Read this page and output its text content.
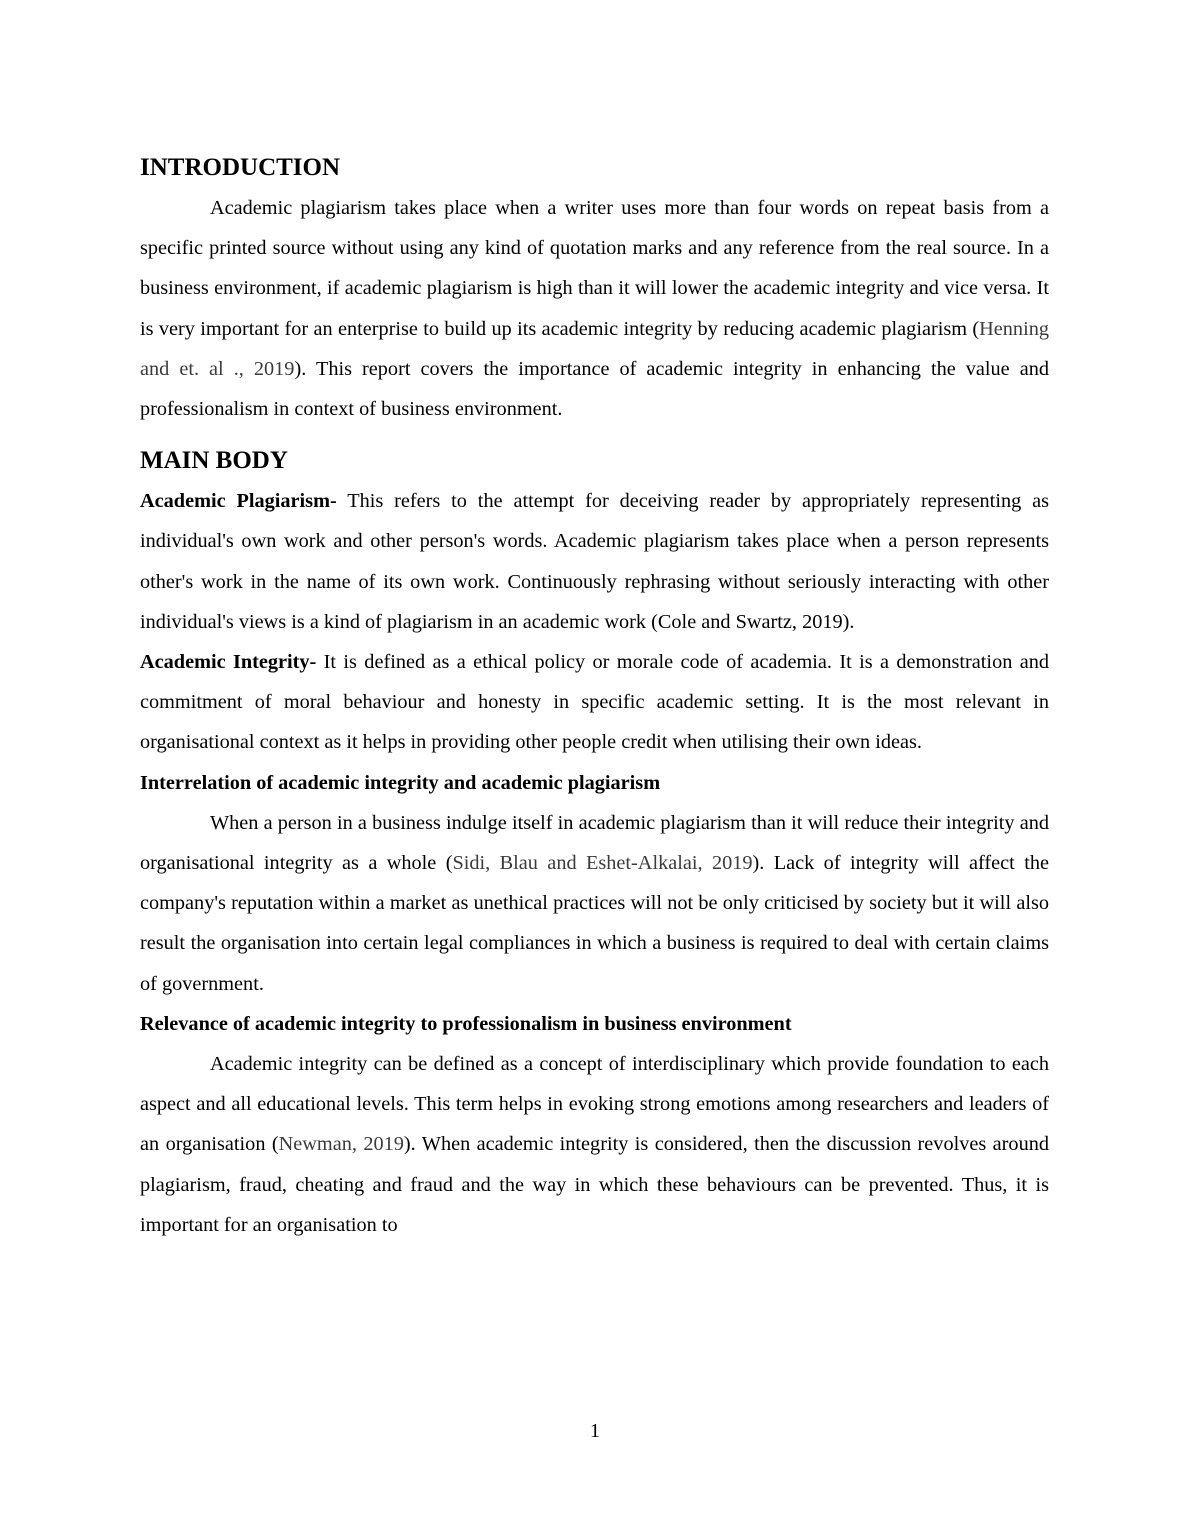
INTRODUCTION

Academic plagiarism takes place when a writer uses more than four words on repeat basis from a specific printed source without using any kind of quotation marks and any reference from the real source. In a business environment, if academic plagiarism is high than it will lower the academic integrity and vice versa. It is very important for an enterprise to build up its academic integrity by reducing academic plagiarism (Henning and et. al ., 2019). This report covers the importance of academic integrity in enhancing the value and professionalism in context of business environment.

MAIN BODY

Academic Plagiarism- This refers to the attempt for deceiving reader by appropriately representing as individual's own work and other person's words. Academic plagiarism takes place when a person represents other's work in the name of its own work. Continuously rephrasing without seriously interacting with other individual's views is a kind of plagiarism in an academic work (Cole and Swartz, 2019).

Academic Integrity- It is defined as a ethical policy or morale code of academia. It is a demonstration and commitment of moral behaviour and honesty in specific academic setting. It is the most relevant in organisational context as it helps in providing other people credit when utilising their own ideas.

Interrelation of academic integrity and academic plagiarism

When a person in a business indulge itself in academic plagiarism than it will reduce their integrity and organisational integrity as a whole (Sidi, Blau and Eshet-Alkalai, 2019). Lack of integrity will affect the company's reputation within a market as unethical practices will not be only criticised by society but it will also result the organisation into certain legal compliances in which a business is required to deal with certain claims of government.

Relevance of academic integrity to professionalism in business environment

Academic integrity can be defined as a concept of interdisciplinary which provide foundation to each aspect and all educational levels. This term helps in evoking strong emotions among researchers and leaders of an organisation (Newman, 2019). When academic integrity is considered, then the discussion revolves around plagiarism, fraud, cheating and fraud and the way in which these behaviours can be prevented. Thus, it is important for an organisation to

1
